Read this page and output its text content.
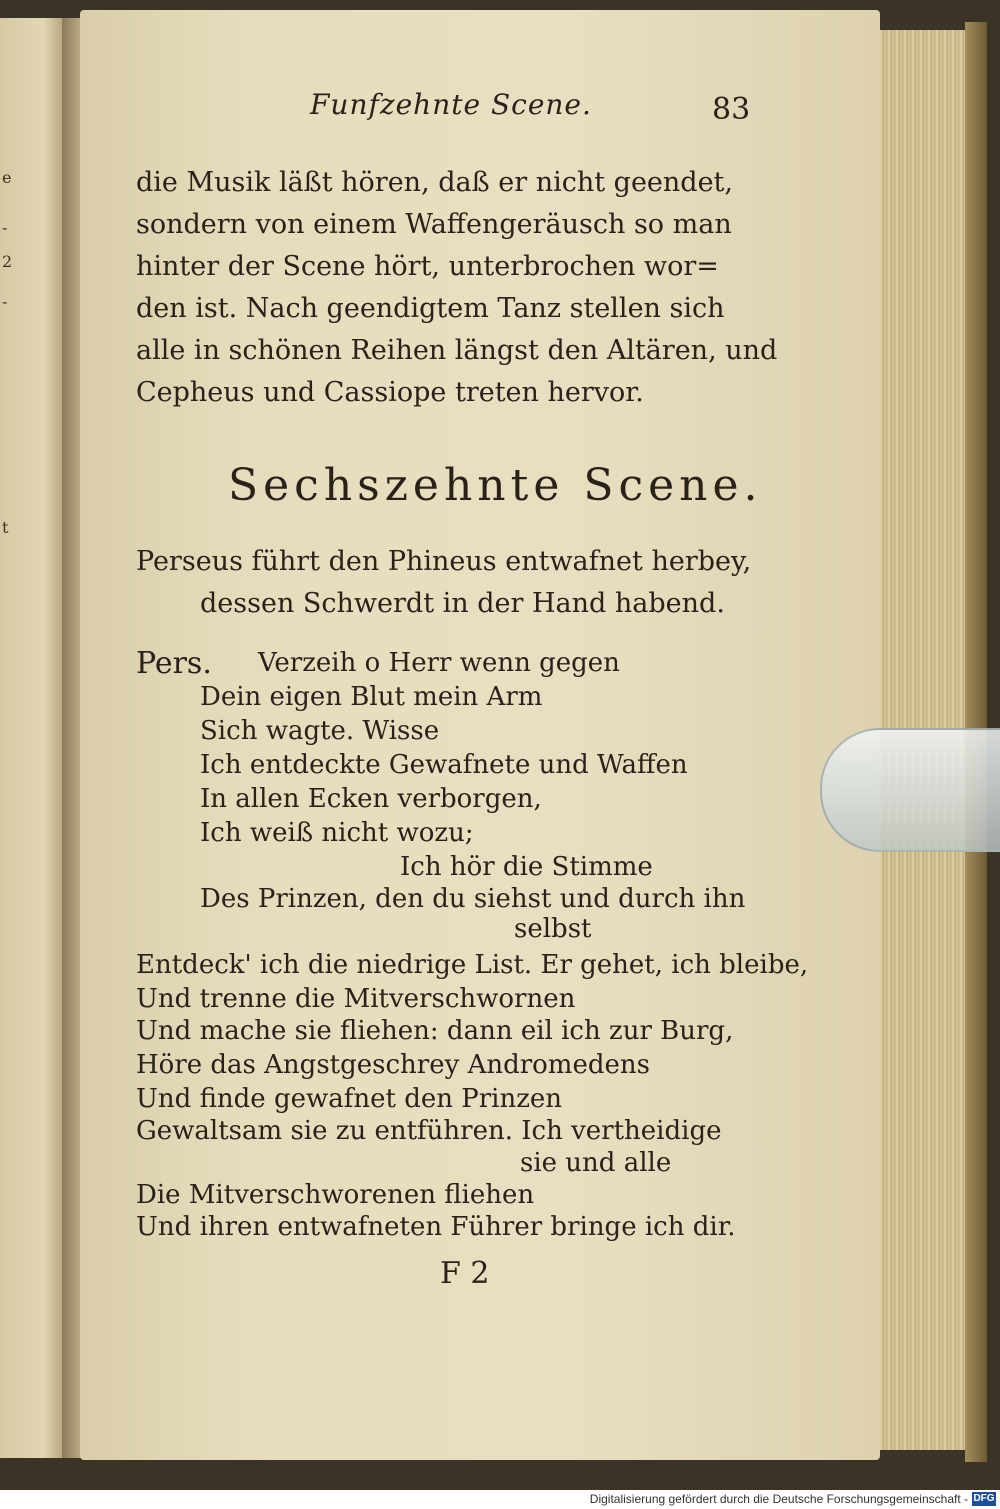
e
-
2
-
t
Funfzehnte Scene.	83
die Musik läßt hören, daß er nicht geendet,
sondern von einem Waffengeräusch so man
hinter der Scene hört, unterbrochen wor=
den ist. Nach geendigtem Tanz stellen sich
alle in schönen Reihen längst den Altären, und
Cepheus und Cassiope treten hervor.
Sechszehnte Scene.
Perseus führt den Phineus entwafnet herbey,
dessen Schwerdt in der Hand habend.
Pers. Verzeih o Herr wenn gegen
Dein eigen Blut mein Arm
Sich wagte. Wisse
Ich entdeckte Gewafnete und Waffen
In allen Ecken verborgen,
Ich weiß nicht wozu;
Ich hör die Stimme
Des Prinzen, den du siehst und durch ihn
selbst
Entdeck' ich die niedrige List. Er gehet, ich bleibe,
Und trenne die Mitverschwornen
Und mache sie fliehen: dann eil ich zur Burg,
Höre das Angstgeschrey Andromedens
Und finde gewafnet den Prinzen
Gewaltsam sie zu entführen. Ich vertheidige
sie und alle
Die Mitverschworenen fliehen
Und ihren entwafneten Führer bringe ich dir.
F 2
Digitalisierung gefördert durch die Deutsche Forschungsgemeinschaft - DFG
